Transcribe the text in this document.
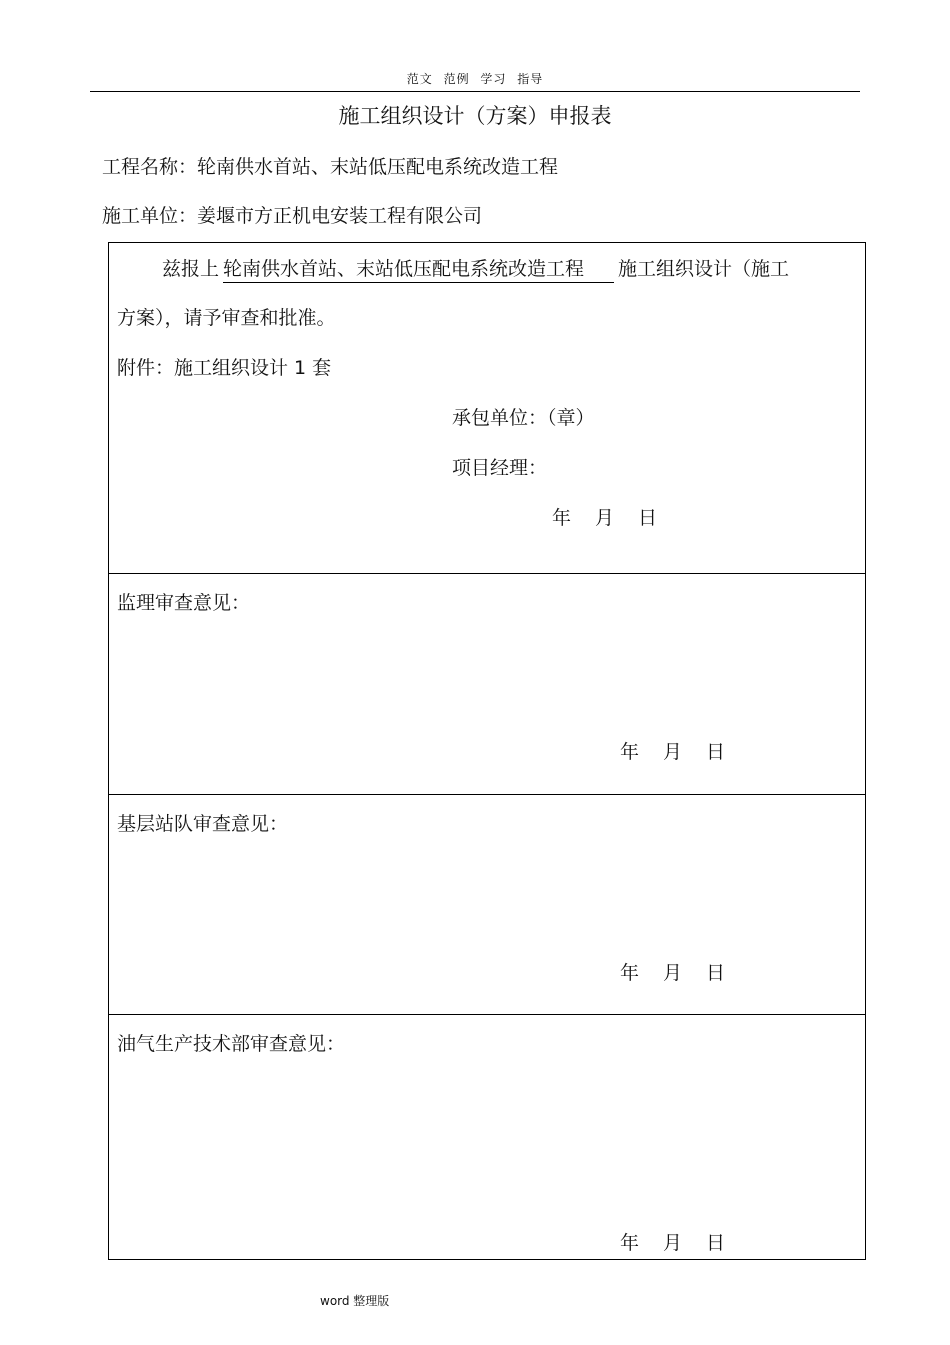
范文 范例 学习 指导
施工组织设计（方案）申报表
工程名称：轮南供水首站、末站低压配电系统改造工程
施工单位：姜堰市方正机电安装工程有限公司
兹报上 轮南供水首站、末站低压配电系统改造工程 施工组织设计（施工
方案），请予审查和批准。
附件：施工组织设计 1 套
承包单位：（章）
项目经理：
年 月 日
监理审查意见：
年 月 日
基层站队审查意见：
年 月 日
油气生产技术部审查意见：
年 月 日
word 整理版
